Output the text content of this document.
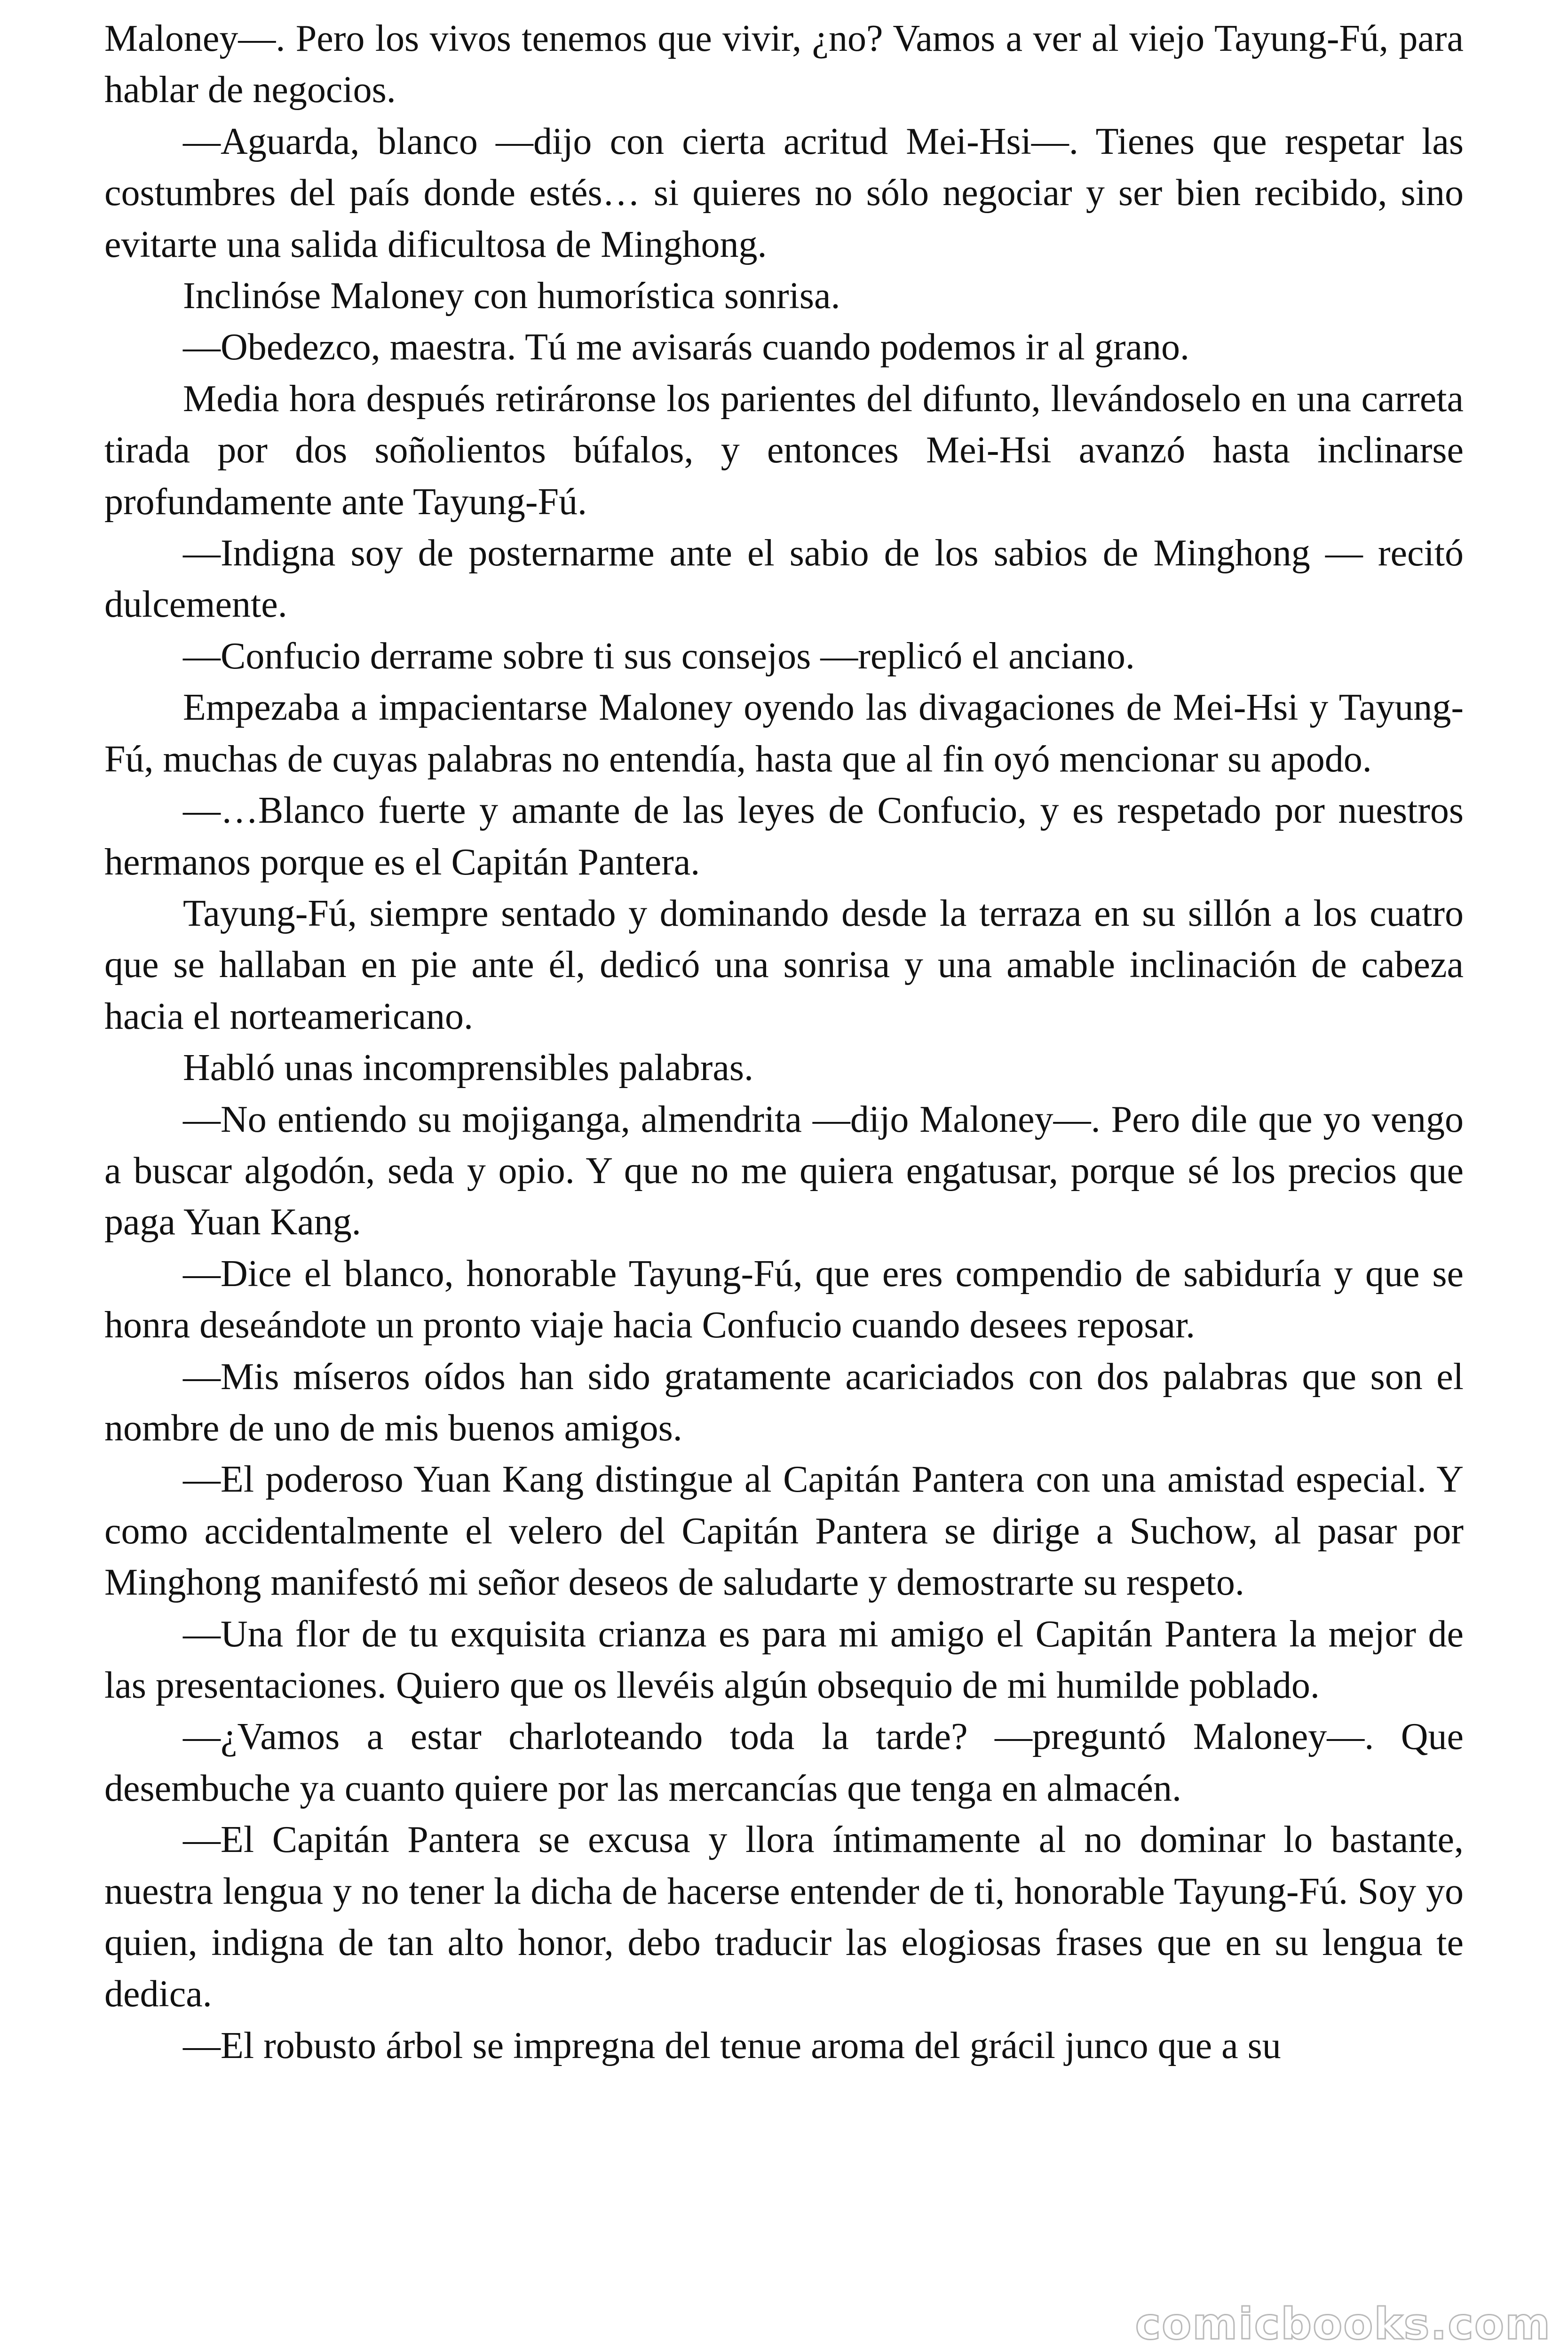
Maloney—. Pero los vivos tenemos que vivir, ¿no? Vamos a ver al viejo Tayung-Fú, para hablar de negocios.

—Aguarda, blanco —dijo con cierta acritud Mei-Hsi—. Tienes que respetar las costumbres del país donde estés… si quieres no sólo negociar y ser bien recibido, sino evitarte una salida dificultosa de Minghong.

Inclinóse Maloney con humorística sonrisa.

—Obedezco, maestra. Tú me avisarás cuando podemos ir al grano.

Media hora después retiráronse los parientes del difunto, llevándoselo en una carreta tirada por dos soñolientos búfalos, y entonces Mei-Hsi avanzó hasta inclinarse profundamente ante Tayung-Fú.

—Indigna soy de posternarme ante el sabio de los sabios de Minghong — recitó dulcemente.

—Confucio derrame sobre ti sus consejos —replicó el anciano.

Empezaba a impacientarse Maloney oyendo las divagaciones de Mei-Hsi y Tayung-Fú, muchas de cuyas palabras no entendía, hasta que al fin oyó mencionar su apodo.

—…Blanco fuerte y amante de las leyes de Confucio, y es respetado por nuestros hermanos porque es el Capitán Pantera.

Tayung-Fú, siempre sentado y dominando desde la terraza en su sillón a los cuatro que se hallaban en pie ante él, dedicó una sonrisa y una amable inclinación de cabeza hacia el norteamericano.

Habló unas incomprensibles palabras.

—No entiendo su mojiganga, almendrita —dijo Maloney—. Pero dile que yo vengo a buscar algodón, seda y opio. Y que no me quiera engatusar, porque sé los precios que paga Yuan Kang.

—Dice el blanco, honorable Tayung-Fú, que eres compendio de sabiduría y que se honra deseándote un pronto viaje hacia Confucio cuando desees reposar.

—Mis míseros oídos han sido gratamente acariciados con dos palabras que son el nombre de uno de mis buenos amigos.

—El poderoso Yuan Kang distingue al Capitán Pantera con una amistad especial. Y como accidentalmente el velero del Capitán Pantera se dirige a Suchow, al pasar por Minghong manifestó mi señor deseos de saludarte y demostrarte su respeto.

—Una flor de tu exquisita crianza es para mi amigo el Capitán Pantera la mejor de las presentaciones. Quiero que os llevéis algún obsequio de mi humilde poblado.

—¿Vamos a estar charloteando toda la tarde? —preguntó Maloney—. Que desembuche ya cuanto quiere por las mercancías que tenga en almacén.

—El Capitán Pantera se excusa y llora íntimamente al no dominar lo bastante, nuestra lengua y no tener la dicha de hacerse entender de ti, honorable Tayung-Fú. Soy yo quien, indigna de tan alto honor, debo traducir las elogiosas frases que en su lengua te dedica.

—El robusto árbol se impregna del tenue aroma del grácil junco que a su

comicbooks.com
